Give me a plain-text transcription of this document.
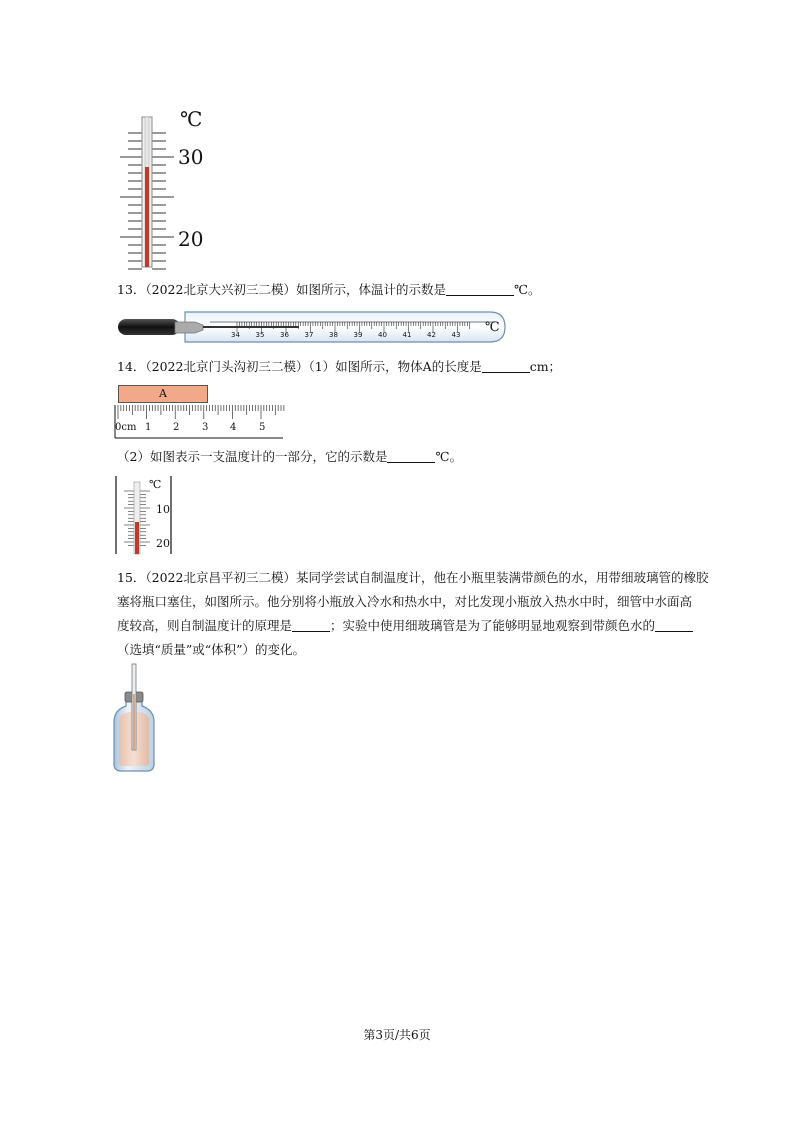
℃
30
20
13．（2022北京大兴初三二模）如图所示，体温计的示数是	℃。
34 35 36 37 38 39 40 41 42 43 ℃
14．（2022北京门头沟初三二模）（1）如图所示，物体A的长度是	cm；
A
0cm 1 2 3 4 5
（2）如图表示一支温度计的一部分，它的示数是	℃。
℃
10
20
15．（2022北京昌平初三二模）某同学尝试自制温度计，他在小瓶里装满带颜色的水，用带细玻璃管的橡胶
塞将瓶口塞住，如图所示。他分别将小瓶放入冷水和热水中，对比发现小瓶放入热水中时，细管中水面高
度较高，则自制温度计的原理是	；实验中使用细玻璃管是为了能够明显地观察到带颜色水的
（选填“质量”或“体积”）的变化。
第3页/共6页
